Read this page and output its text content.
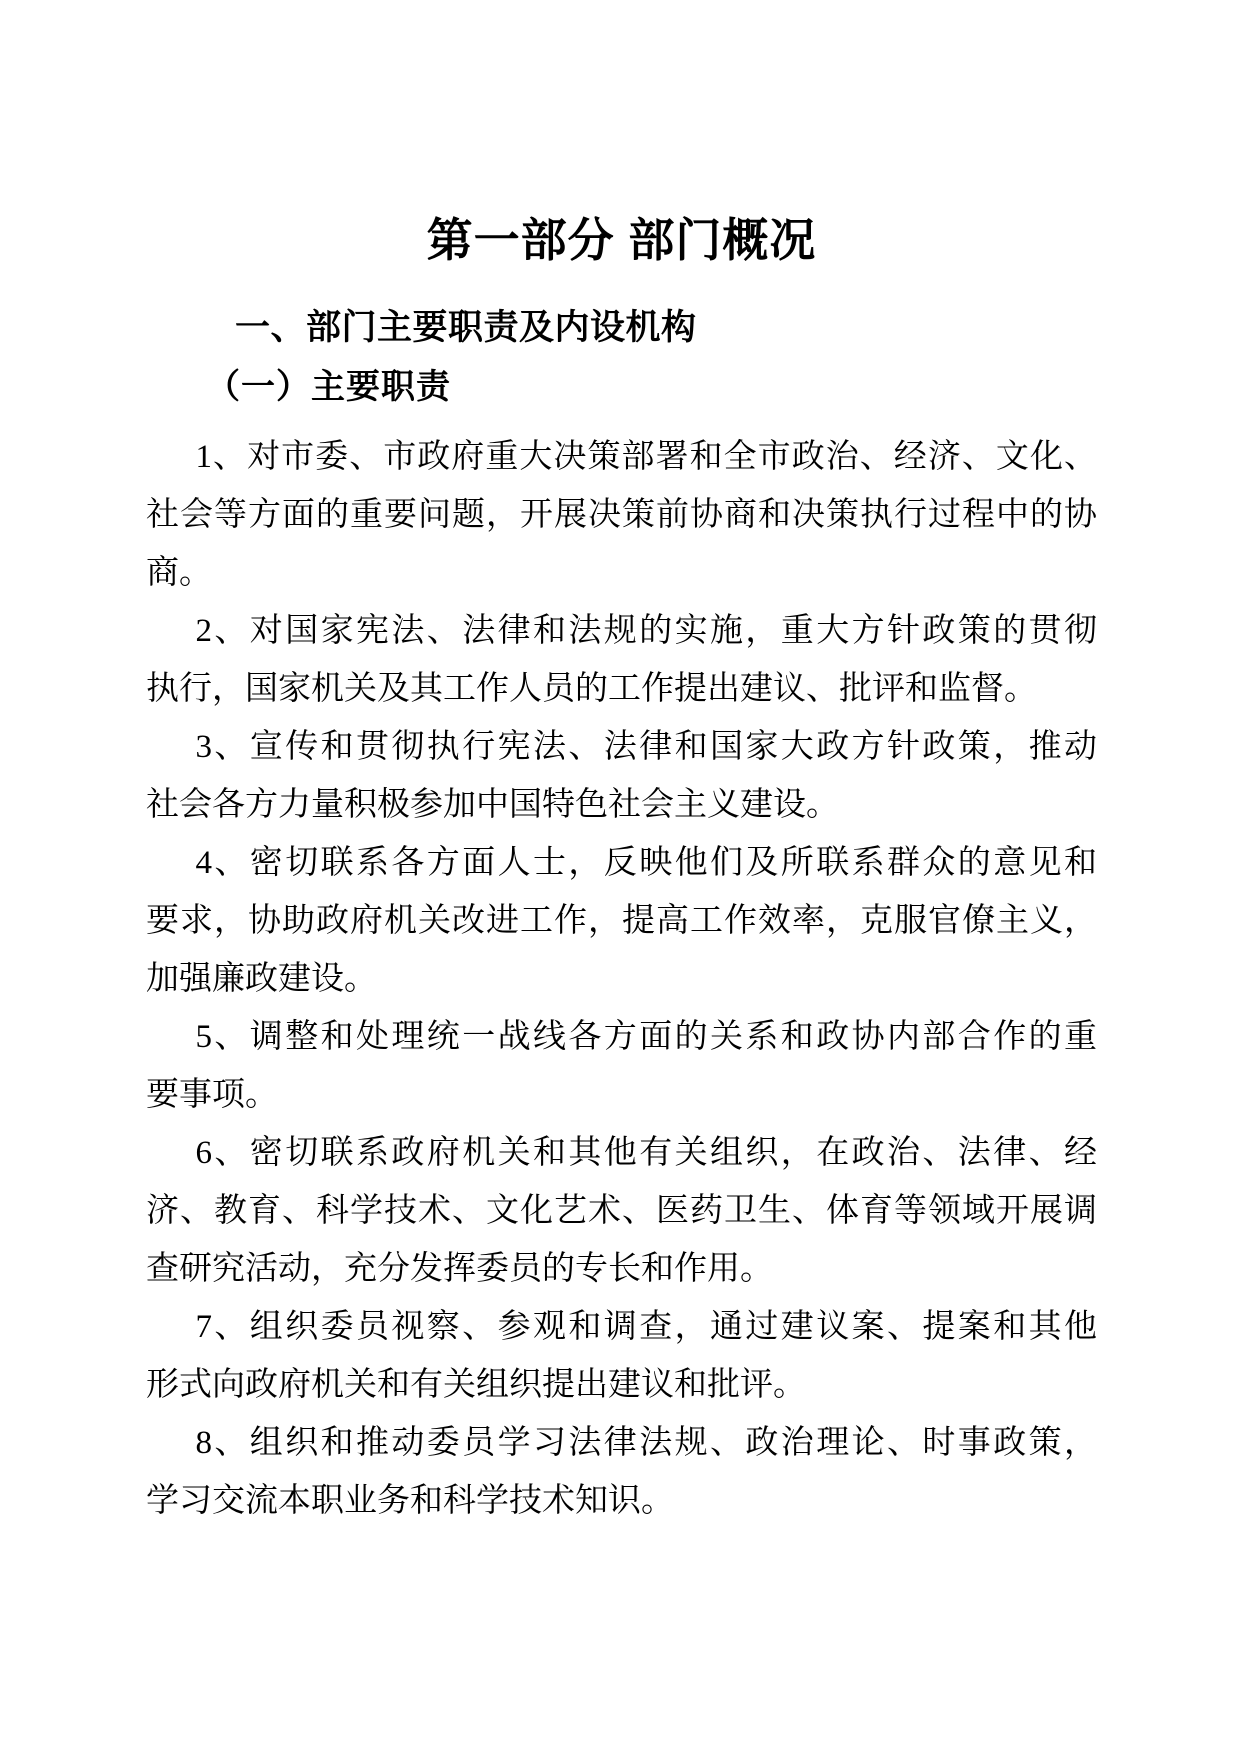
第一部分 部门概况
一、部门主要职责及内设机构
（一）主要职责

1、对市委、市政府重大决策部署和全市政治、经济、文化、
社会等方面的重要问题，开展决策前协商和决策执行过程中的协
商。

2、对国家宪法、法律和法规的实施，重大方针政策的贯彻
执行，国家机关及其工作人员的工作提出建议、批评和监督。

3、宣传和贯彻执行宪法、法律和国家大政方针政策，推动
社会各方力量积极参加中国特色社会主义建设。

4、密切联系各方面人士，反映他们及所联系群众的意见和
要求，协助政府机关改进工作，提高工作效率，克服官僚主义，
加强廉政建设。

5、调整和处理统一战线各方面的关系和政协内部合作的重
要事项。

6、密切联系政府机关和其他有关组织，在政治、法律、经
济、教育、科学技术、文化艺术、医药卫生、体育等领域开展调
查研究活动，充分发挥委员的专长和作用。

7、组织委员视察、参观和调查，通过建议案、提案和其他
形式向政府机关和有关组织提出建议和批评。

8、组织和推动委员学习法律法规、政治理论、时事政策，
学习交流本职业务和科学技术知识。
